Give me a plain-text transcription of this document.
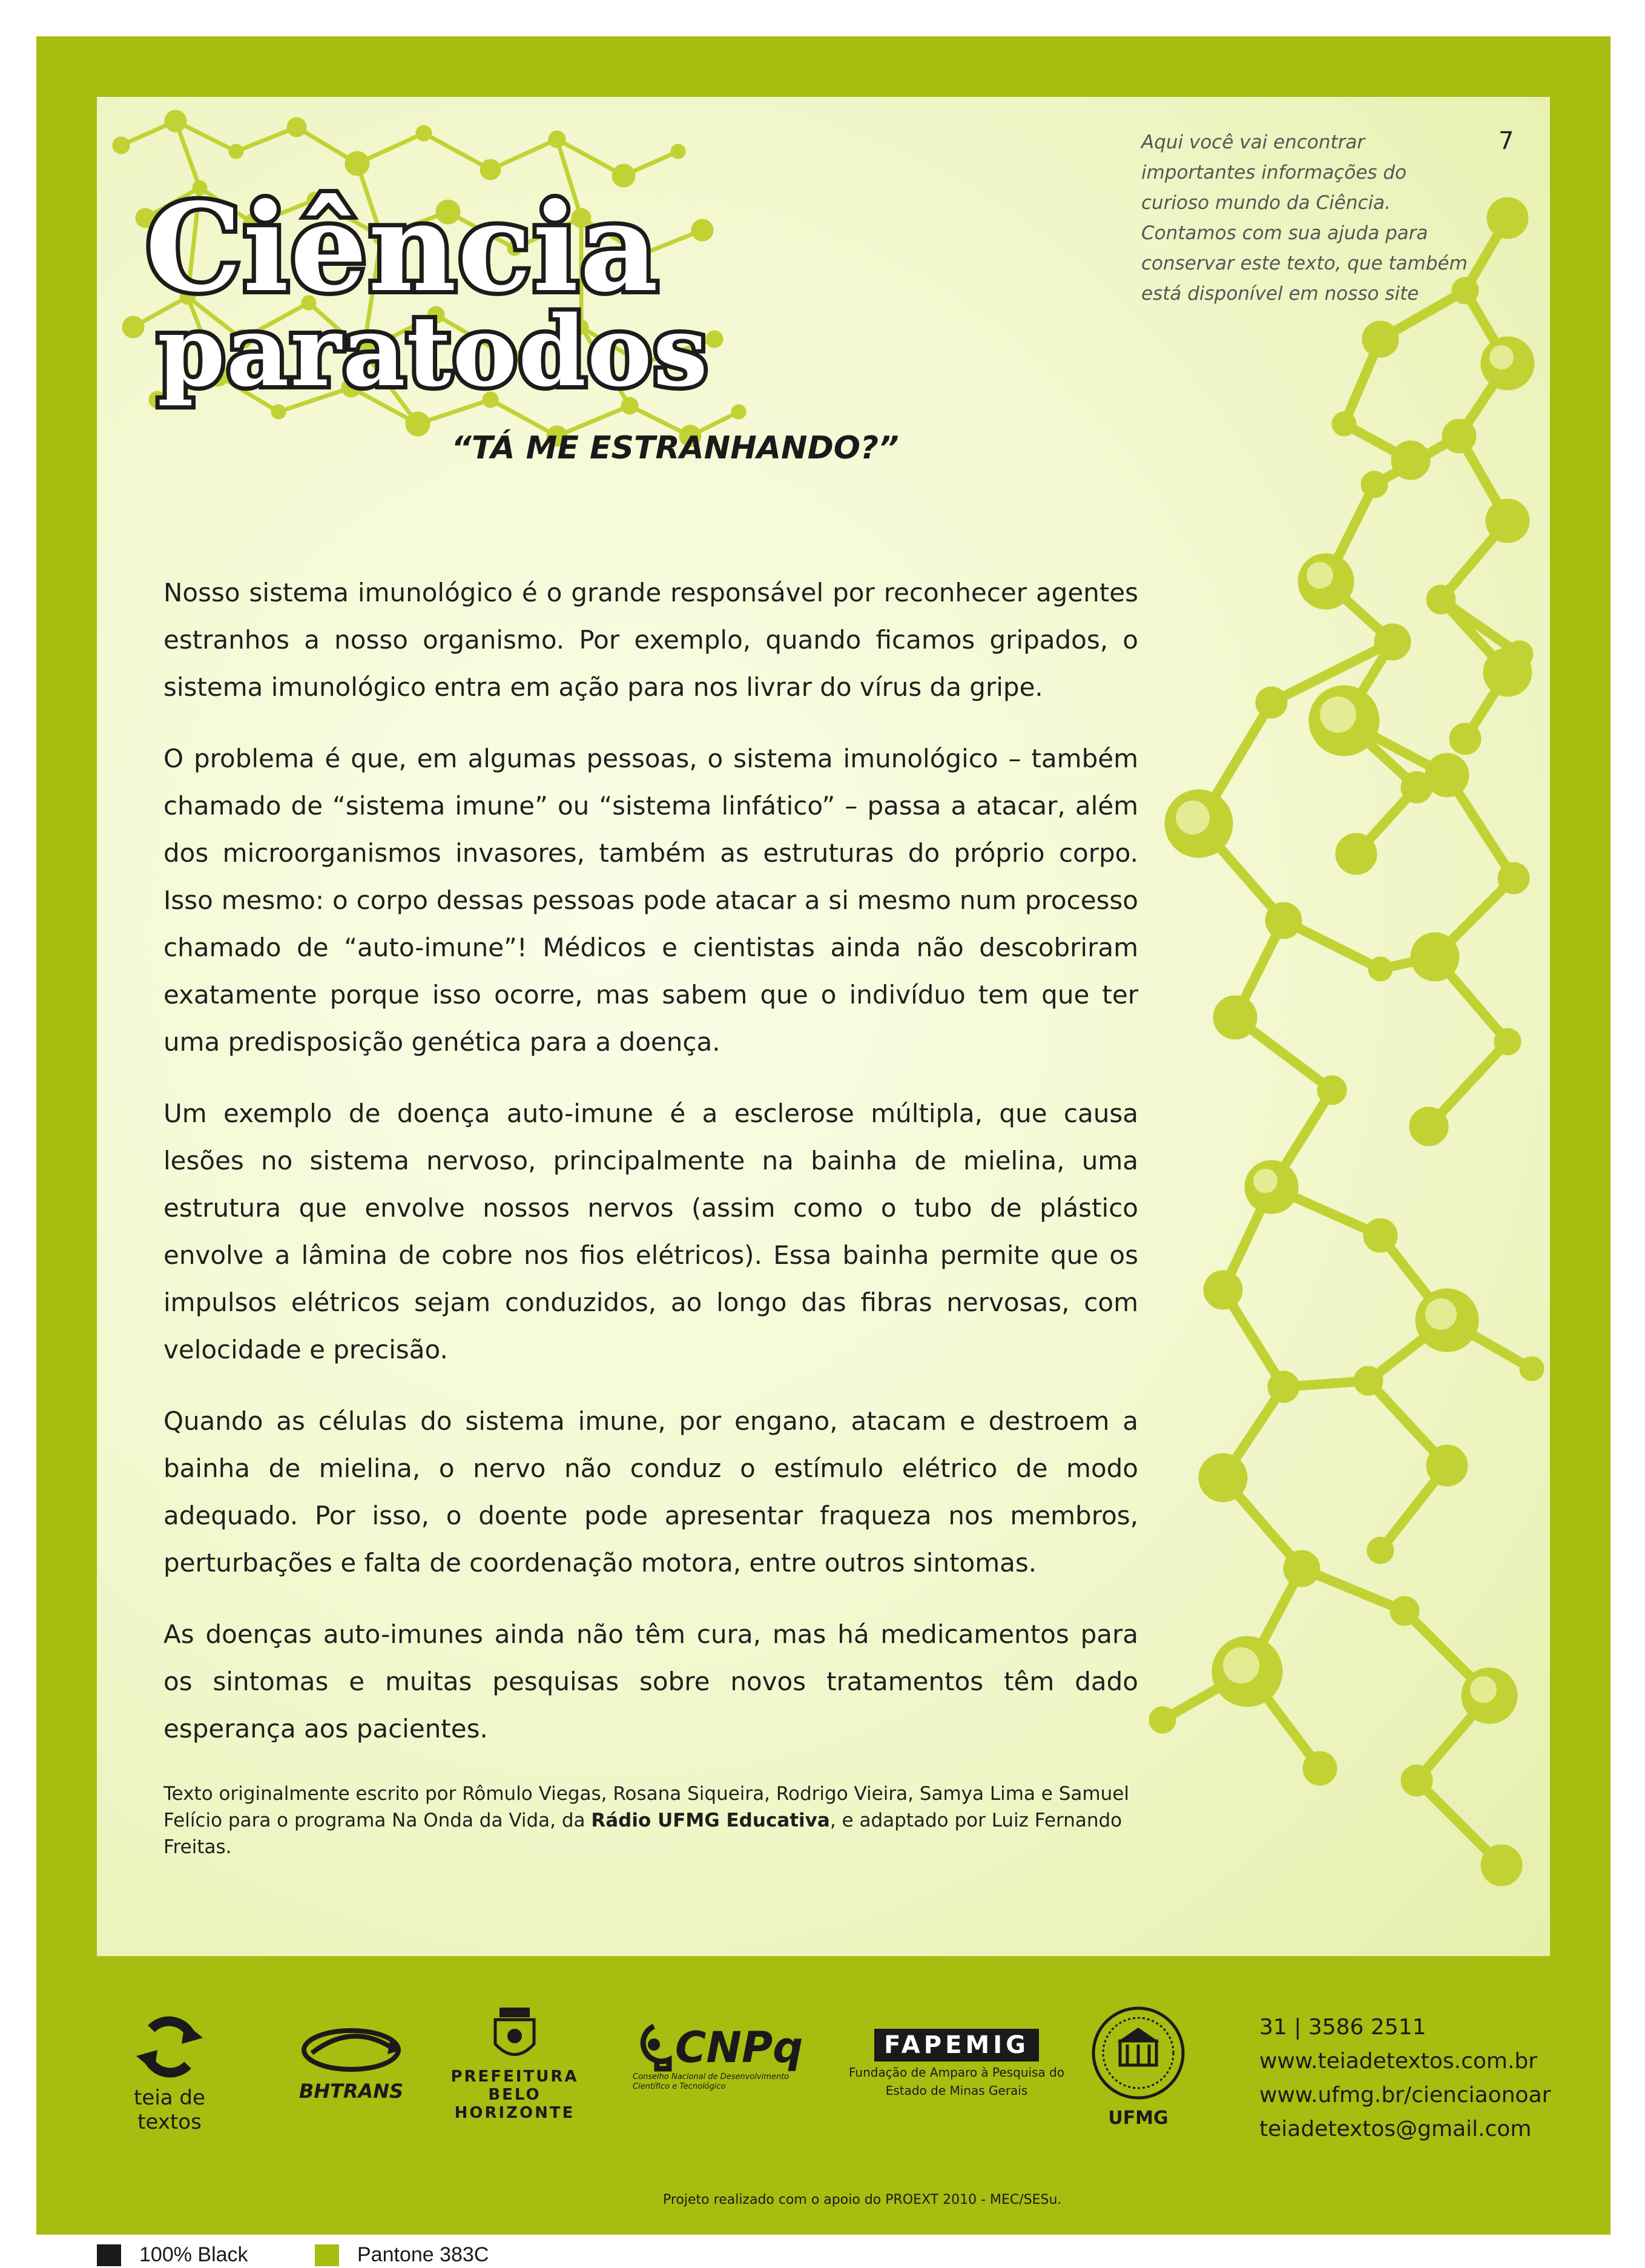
Ciência
paratodos
Aqui você vai encontrar
importantes informações do
curioso mundo da Ciência.
Contamos com sua ajuda para
conservar este texto, que também
está disponível em nosso site
7
“TÁ ME ESTRANHANDO?”

Nosso sistema imunológico é o grande responsável por reconhecer agentes estranhos a nosso organismo. Por exemplo, quando ficamos gripados, o sistema imunológico entra em ação para nos livrar do vírus da gripe.

O problema é que, em algumas pessoas, o sistema imunológico – também chamado de “sistema imune” ou “sistema linfático” – passa a atacar, além dos microorganismos invasores, também as estruturas do próprio corpo. Isso mesmo: o corpo dessas pessoas pode atacar a si mesmo num processo chamado de “auto-imune”! Médicos e cientistas ainda não descobriram exatamente porque isso ocorre, mas sabem que o indivíduo tem que ter uma predisposição genética para a doença.

Um exemplo de doença auto-imune é a esclerose múltipla, que causa lesões no sistema nervoso, principalmente na bainha de mielina, uma estrutura que envolve nossos nervos (assim como o tubo de plástico envolve a lâmina de cobre nos fios elétricos). Essa bainha permite que os impulsos elétricos sejam conduzidos, ao longo das fibras nervosas, com velocidade e precisão.

Quando as células do sistema imune, por engano, atacam e destroem a bainha de mielina, o nervo não conduz o estímulo elétrico de modo adequado. Por isso, o doente pode apresentar fraqueza nos membros, perturbações e falta de coordenação motora, entre outros sintomas.

As doenças auto-imunes ainda não têm cura, mas há medicamentos para os sintomas e muitas pesquisas sobre novos tratamentos têm dado esperança aos pacientes.

Texto originalmente escrito por Rômulo Viegas, Rosana Siqueira, Rodrigo Vieira, Samya Lima e Samuel Felício para o programa Na Onda da Vida, da Rádio UFMG Educativa, e adaptado por Luiz Fernando Freitas.
teia de textos
BHTRANS
PREFEITURA
BELO HORIZONTE
CNPq
Conselho Nacional de Desenvolvimento
Científico e Tecnológico
FAPEMIG
Fundação de Amparo à Pesquisa do
Estado de Minas Gerais
UFMG
Projeto realizado com o apoio do PROEXT 2010 - MEC/SESu.
31 | 3586 2511
www.teiadetextos.com.br
www.ufmg.br/cienciaonoar
teiadetextos@gmail.com
100% Black	Pantone 383C
